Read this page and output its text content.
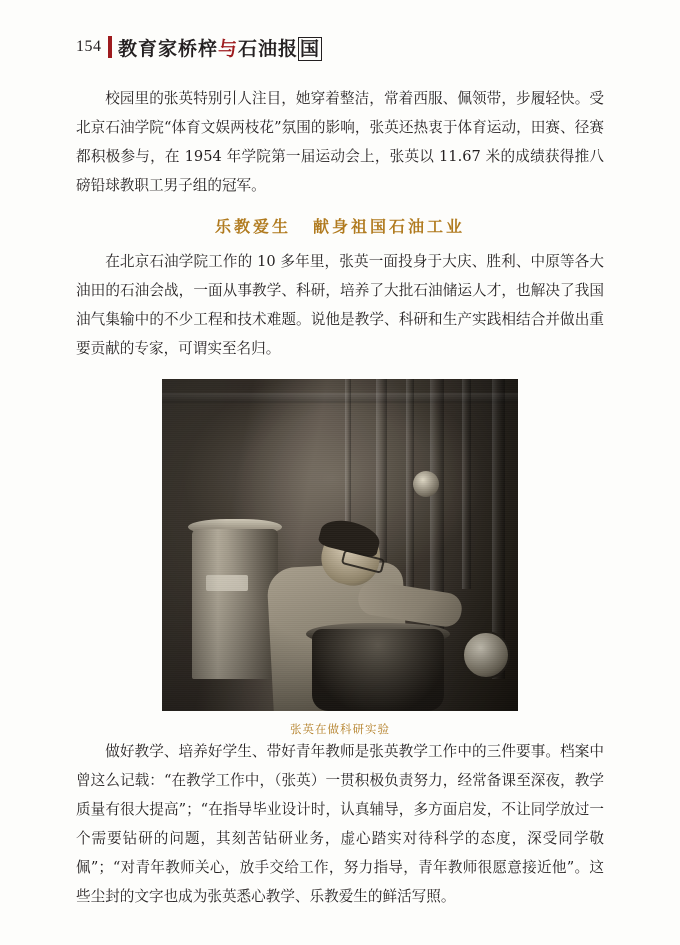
154 教育家桥梓与石油报 国

校园里的张英特别引人注目，她穿着整洁，常着西服、佩领带，步履轻快。受北京石油学院“体育文娱两枝花”氛围的影响，张英还热衷于体育运动，田赛、径赛都积极参与，在 1954 年学院第一届运动会上，张英以 11.67 米的成绩获得推八磅铅球教职工男子组的冠军。

乐教爱生 献身祖国石油工业

在北京石油学院工作的 10 多年里，张英一面投身于大庆、胜利、中原等各大油田的石油会战，一面从事教学、科研，培养了大批石油储运人才，也解决了我国油气集输中的不少工程和技术难题。说他是教学、科研和生产实践相结合并做出重要贡献的专家，可谓实至名归。

张英在做科研实验

做好教学、培养好学生、带好青年教师是张英教学工作中的三件要事。档案中曾这么记载：“在教学工作中，（张英）一贯积极负责努力，经常备课至深夜，教学质量有很大提高”；“在指导毕业设计时，认真辅导，多方面启发，不让同学放过一个需要钻研的问题，其刻苦钻研业务，虚心踏实对待科学的态度，深受同学敬佩”；“对青年教师关心，放手交给工作，努力指导，青年教师很愿意接近他”。这些尘封的文字也成为张英悉心教学、乐教爱生的鲜活写照。
